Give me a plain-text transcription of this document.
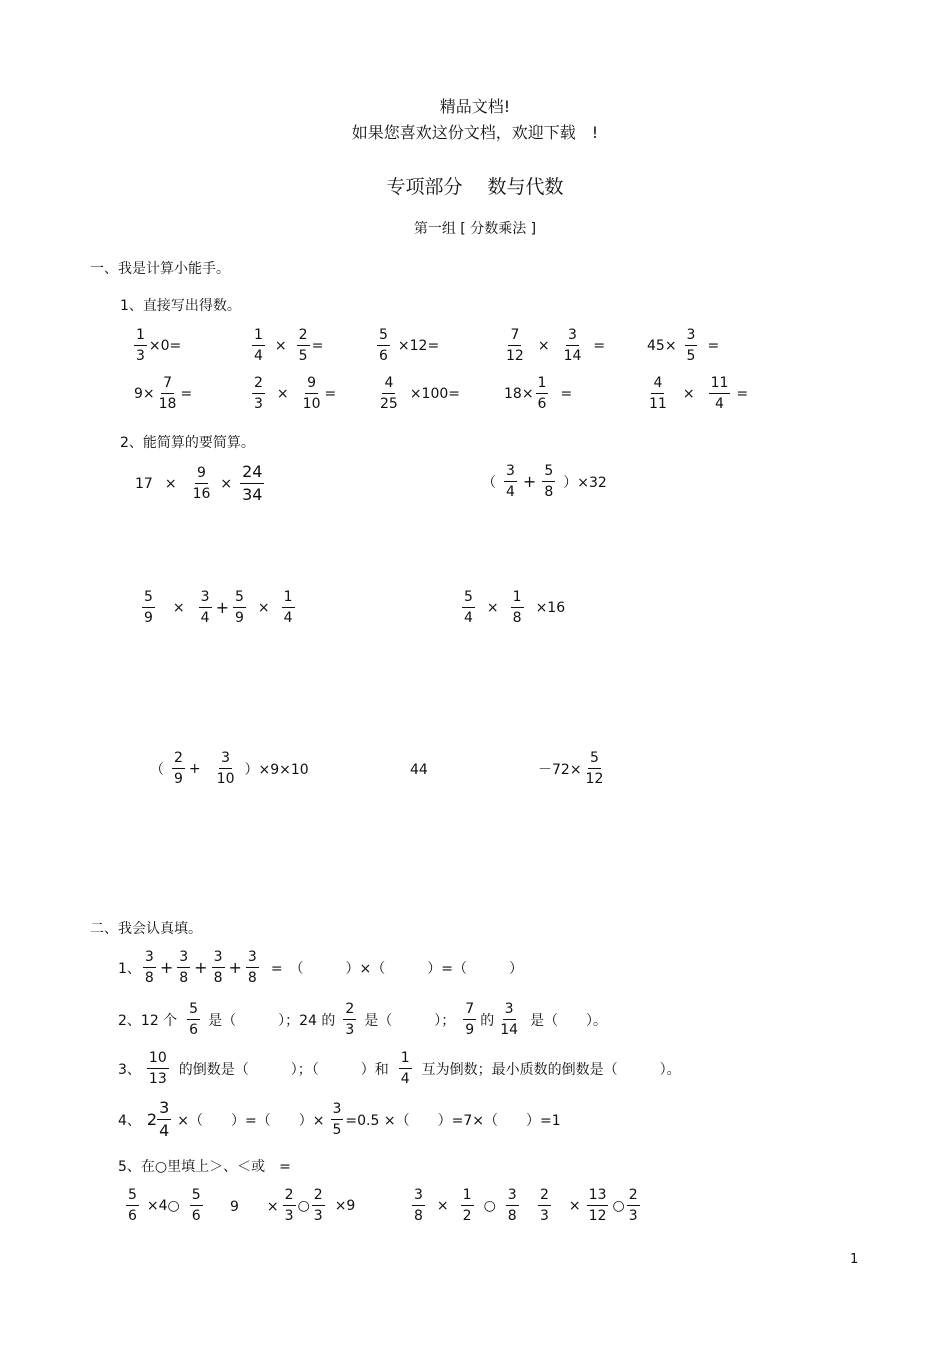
精品文档!
如果您喜欢这份文档，欢迎下载　!
专项部分　 数与代数
第一组 [ 分数乘法 ]
一、我是计算小能手。
1、直接写出得数。
$\frac{1}{3} \times 0=$	$\frac{1}{4} \times \frac{2}{5}$ =	$\frac{5}{6} \times 12=$	$\frac{7}{12} \times \frac{3}{14}$ =	$45\times \frac{3}{5}$ =
$9\times \frac{7}{18}$ =	$\frac{2}{3} \times \frac{9}{10}$ =	$\frac{4}{25} \times 100=$	$18\times \frac{1}{6}$ =	$\frac{4}{11} \times \frac{11}{4}$ =
2、能简算的要简算。
$17 \times \frac{9}{16} \times \frac{24}{34}$	（ $\frac{3}{4} + \frac{5}{8} )\times 32$
$\frac{5}{9} \times \frac{3}{4} + \frac{5}{9} \times \frac{1}{4}$	$\frac{5}{4} \times \frac{1}{8} \times 16$
（ $\frac{2}{9} + \frac{3}{10} )\times 9\times 10$	44	$-72\times \frac{5}{12}$
二、我会认真填。
1、 $\frac{3}{8} + \frac{3}{8} + \frac{3}{8} + \frac{3}{8}$ =　（　　　）×（　　　）=（　　　）
2、12 个 $\frac{5}{6}$ 是（　　　）；24 的 $\frac{2}{3}$ 是（　　　）； $\frac{7}{9}$ 的 $\frac{3}{14}$ 是（　　）。
3、 $\frac{10}{13}$ 的倒数是（　　　）；（　　　）和 $\frac{1}{4}$ 互为倒数；最小质数的倒数是（　　　）。
4、 $2 \frac{3}{4}$ ×（　　）=（　　）× $\frac{3}{5} =0.5$ ×（　　）=7×（　　）=1
5、在○里填上＞、＜或　=
$\frac{5}{6}$ ×4○ $\frac{5}{6} 9$　　× $\frac{2}{3}$ ○ $\frac{2}{3} \times 9$	$\frac{3}{8} \times \frac{1}{2}$ ○ $\frac{3}{8} \frac{2}{3} \times \frac{13}{12}$ ○ $\frac{2}{3}$
1
